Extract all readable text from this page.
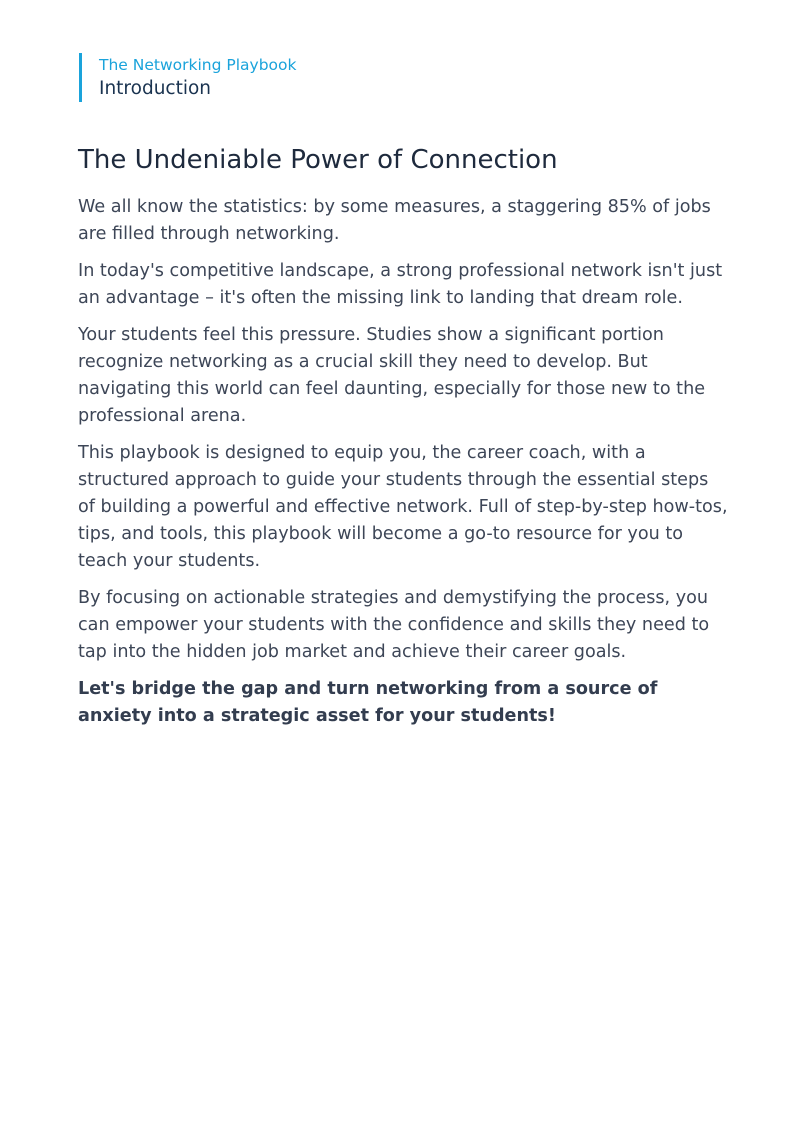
The Networking Playbook
Introduction
The Undeniable Power of Connection

We all know the statistics: by some measures, a staggering 85% of jobs are filled through networking.

In today's competitive landscape, a strong professional network isn't just an advantage – it's often the missing link to landing that dream role.

Your students feel this pressure. Studies show a significant portion recognize networking as a crucial skill they need to develop. But navigating this world can feel daunting, especially for those new to the professional arena.

This playbook is designed to equip you, the career coach, with a structured approach to guide your students through the essential steps of building a powerful and effective network. Full of step-by-step how-tos, tips, and tools, this playbook will become a go-to resource for you to teach your students.

By focusing on actionable strategies and demystifying the process, you can empower your students with the confidence and skills they need to tap into the hidden job market and achieve their career goals.

Let's bridge the gap and turn networking from a source of anxiety into a strategic asset for your students!
